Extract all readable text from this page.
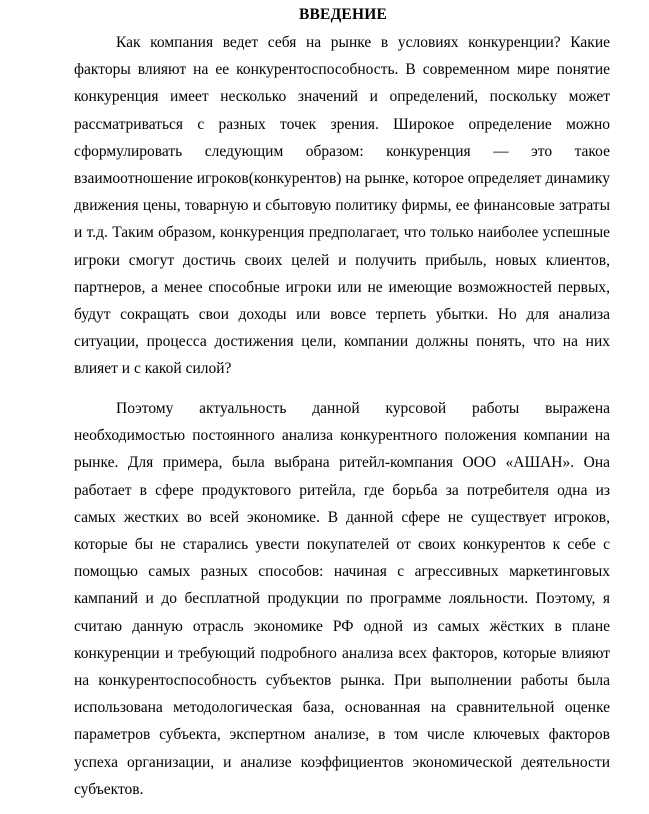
ВВЕДЕНИЕ

Как компания ведет себя на рынке в условиях конкуренции? Какие факторы влияют на ее конкурентоспособность. В современном мире понятие конкуренция имеет несколько значений и определений, поскольку может рассматриваться с разных точек зрения. Широкое определение можно сформулировать следующим образом: конкуренция — это такое взаимоотношение игроков(конкурентов) на рынке, которое определяет динамику движения цены, товарную и сбытовую политику фирмы, ее финансовые затраты и т.д. Таким образом, конкуренция предполагает, что только наиболее успешные игроки смогут достичь своих целей и получить прибыль, новых клиентов, партнеров, а менее способные игроки или не имеющие возможностей первых, будут сокращать свои доходы или вовсе терпеть убытки. Но для анализа ситуации, процесса достижения цели, компании должны понять, что на них влияет и с какой силой?

Поэтому актуальность данной курсовой работы выражена необходимостью постоянного анализа конкурентного положения компании на рынке. Для примера, была выбрана ритейл-компания ООО «АШАН». Она работает в сфере продуктового ритейла, где борьба за потребителя одна из самых жестких во всей экономике. В данной сфере не существует игроков, которые бы не старались увести покупателей от своих конкурентов к себе с помощью самых разных способов: начиная с агрессивных маркетинговых кампаний и до бесплатной продукции по программе лояльности. Поэтому, я считаю данную отрасль экономике РФ одной из самых жёстких в плане конкуренции и требующий подробного анализа всех факторов, которые влияют на конкурентоспособность субъектов рынка. При выполнении работы была использована методологическая база, основанная на сравнительной оценке параметров субъекта, экспертном анализе, в том числе ключевых факторов успеха организации, и анализе коэффициентов экономической деятельности субъектов.
